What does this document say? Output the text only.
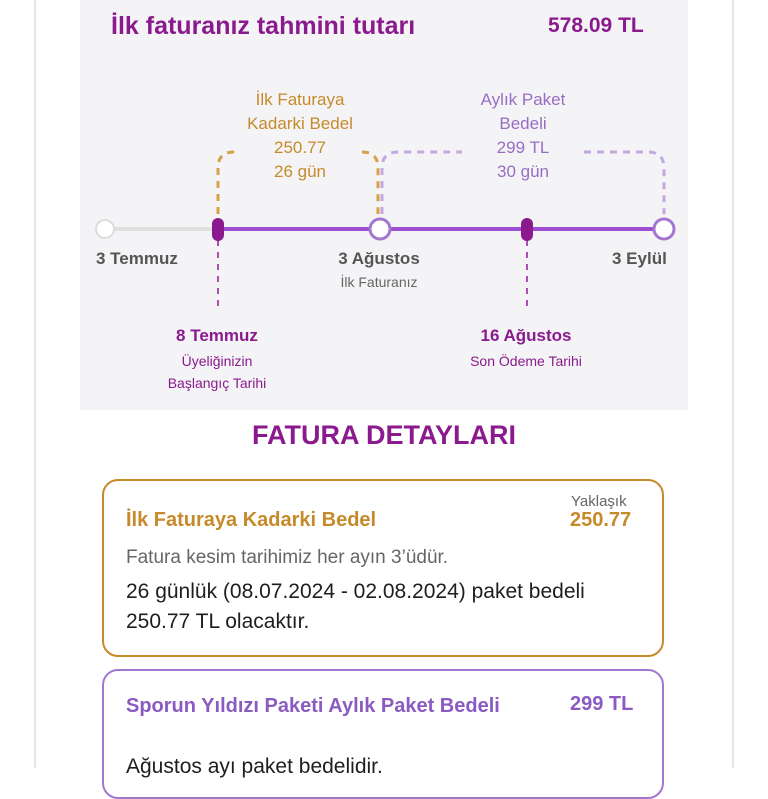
İlk faturanız tahmini tutarı	578.09 TL
İlk Faturaya
Kadarki Bedel
250.77
26 gün
Aylık Paket
Bedeli
299 TL
30 gün
3 Temmuz	3 Ağustos
İlk Faturanız
3 Eylül
8 Temmuz
Üyeliğinizin
Başlangıç Tarihi
16 Ağustos
Son Ödeme Tarihi
FATURA DETAYLARI
İlk Faturaya Kadarki Bedel
Yaklaşık
250.77
Fatura kesim tarihimiz her ayın 3’üdür.
26 günlük (08.07.2024 - 02.08.2024) paket bedeli 250.77 TL olacaktır.
Sporun Yıldızı Paketi Aylık Paket Bedeli	299 TL
Ağustos ayı paket bedelidir.
